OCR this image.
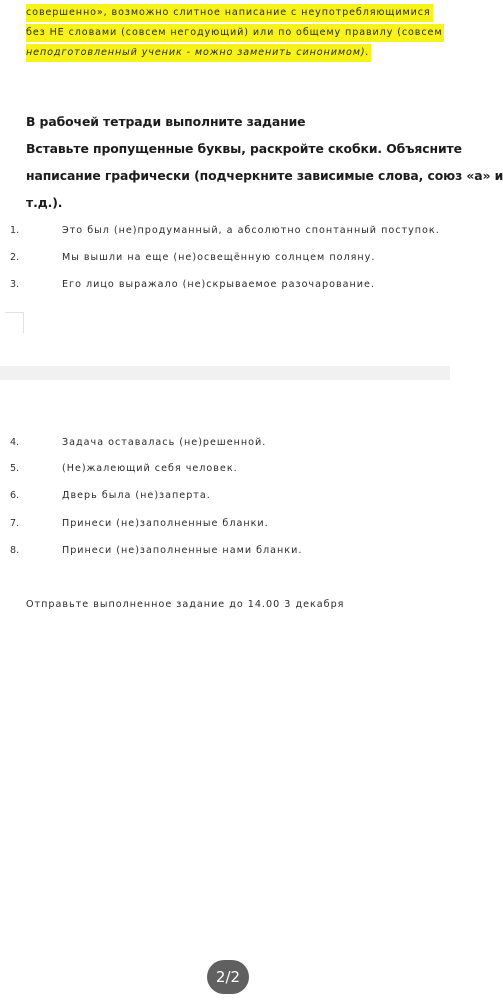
совершенно», возможно слитное написание с неупотребляющимися
без НЕ словами (совсем негодующий) или по общему правилу (совсем
неподготовленный ученик - можно заменить синонимом).
В рабочей тетради выполните задание
Вставьте пропущенные буквы, раскройте скобки. Объясните
написание графически (подчеркните зависимые слова, союз «а» и
т.д.).
1.	Это был (не)продуманный, а абсолютно спонтанный поступок.
2.	Мы вышли на еще (не)освещённую солнцем поляну.
3.	Его лицо выражало (не)скрываемое разочарование.
4.	Задача оставалась (не)решенной.
5.	(Не)жалеющий себя человек.
6.	Дверь была (не)заперта.
7.	Принеси (не)заполненные бланки.
8.	Принеси (не)заполненные нами бланки.
Отправьте выполненное задание до 14.00 3 декабря
2/2
